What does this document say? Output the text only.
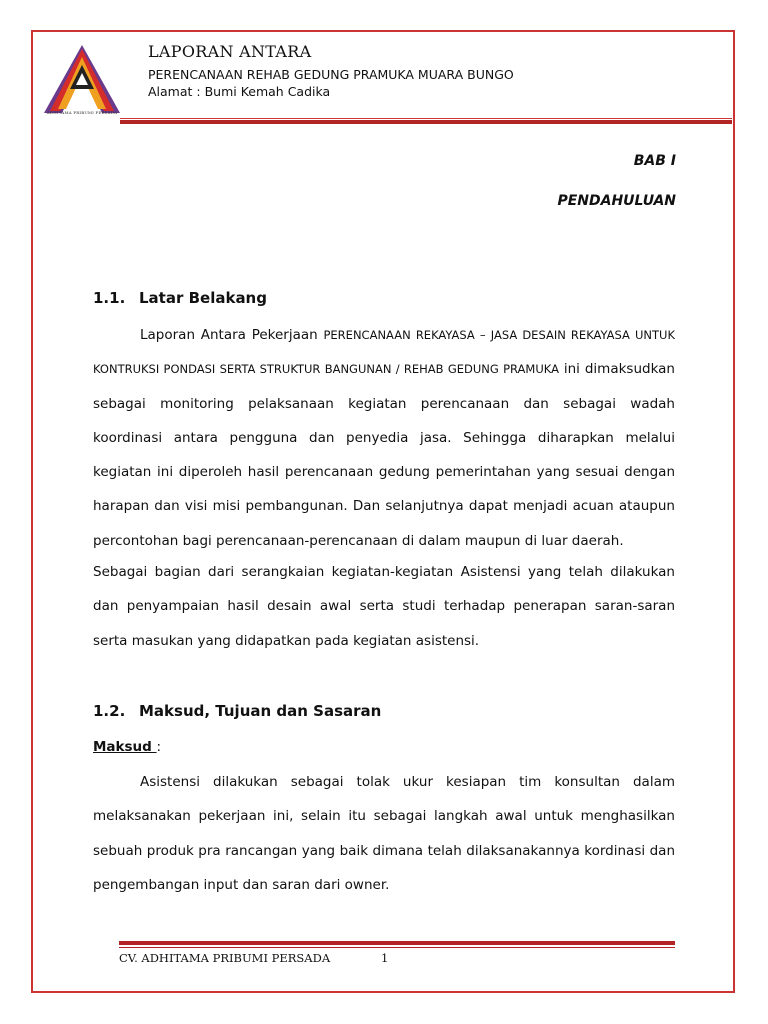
ADHITAMA PRIBUMI PERSADA
LAPORAN ANTARA
PERENCANAAN REHAB GEDUNG PRAMUKA MUARA BUNGO
Alamat : Bumi Kemah Cadika
BAB I
PENDAHULUAN
1.1. Latar Belakang
Laporan Antara Pekerjaan PERENCANAAN REKAYASA – JASA DESAIN REKAYASA UNTUK KONTRUKSI PONDASI SERTA STRUKTUR BANGUNAN / REHAB GEDUNG PRAMUKA ini dimaksudkan sebagai monitoring pelaksanaan kegiatan perencanaan dan sebagai wadah koordinasi antara pengguna dan penyedia jasa. Sehingga diharapkan melalui kegiatan ini diperoleh hasil perencanaan gedung pemerintahan yang sesuai dengan harapan dan visi misi pembangunan. Dan selanjutnya dapat menjadi acuan ataupun percontohan bagi perencanaan-perencanaan di dalam maupun di luar daerah.
Sebagai bagian dari serangkaian kegiatan-kegiatan Asistensi yang telah dilakukan dan penyampaian hasil desain awal serta studi terhadap penerapan saran-saran serta masukan yang didapatkan pada kegiatan asistensi.
1.2. Maksud, Tujuan dan Sasaran
Maksud :
Asistensi dilakukan sebagai tolak ukur kesiapan tim konsultan dalam melaksanakan pekerjaan ini, selain itu sebagai langkah awal untuk menghasilkan sebuah produk pra rancangan yang baik dimana telah dilaksanakannya kordinasi dan pengembangan input dan saran dari owner.
CV. ADHITAMA PRIBUMI PERSADA	1
